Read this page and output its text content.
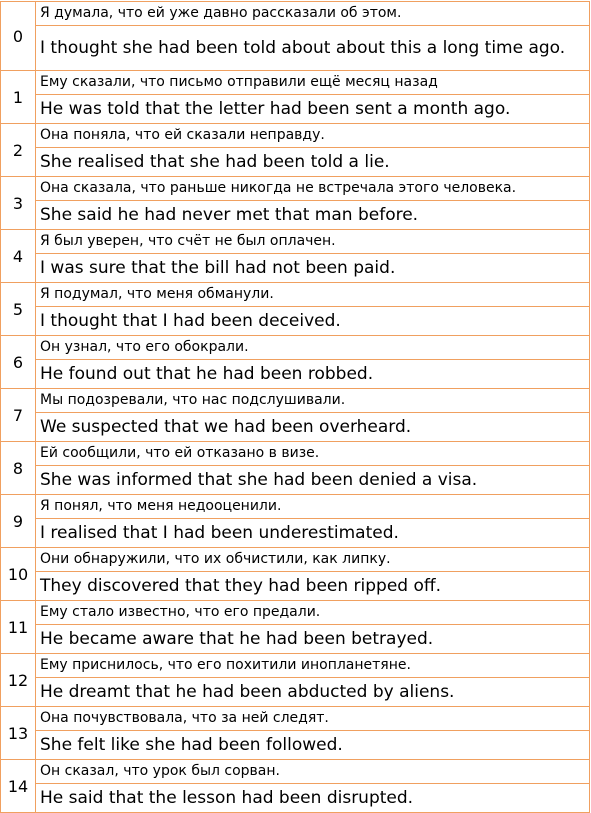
0	Я думала, что ей уже давно рассказали об этом.
	I thought she had been told about about this a long time ago.
1	Ему сказали, что письмо отправили ещё месяц назад
	He was told that the letter had been sent a month ago.
2	Она поняла, что ей сказали неправду.
	She realised that she had been told a lie.
3	Она сказала, что раньше никогда не встречала этого человека.
	She said he had never met that man before.
4	Я был уверен, что счёт не был оплачен.
	I was sure that the bill had not been paid.
5	Я подумал, что меня обманули.
	I thought that I had been deceived.
6	Он узнал, что его обокрали.
	He found out that he had been robbed.
7	Мы подозревали, что нас подслушивали.
	We suspected that we had been overheard.
8	Ей сообщили, что ей отказано в визе.
	She was informed that she had been denied a visa.
9	Я понял, что меня недооценили.
	I realised that I had been underestimated.
10	Они обнаружили, что их обчистили, как липку.
	They discovered that they had been ripped off.
11	Ему стало известно, что его предали.
	He became aware that he had been betrayed.
12	Ему приснилось, что его похитили инопланетяне.
	He dreamt that he had been abducted by aliens.
13	Она почувствовала, что за ней следят.
	She felt like she had been followed.
14	Он сказал, что урок был сорван.
	He said that the lesson had been disrupted.
